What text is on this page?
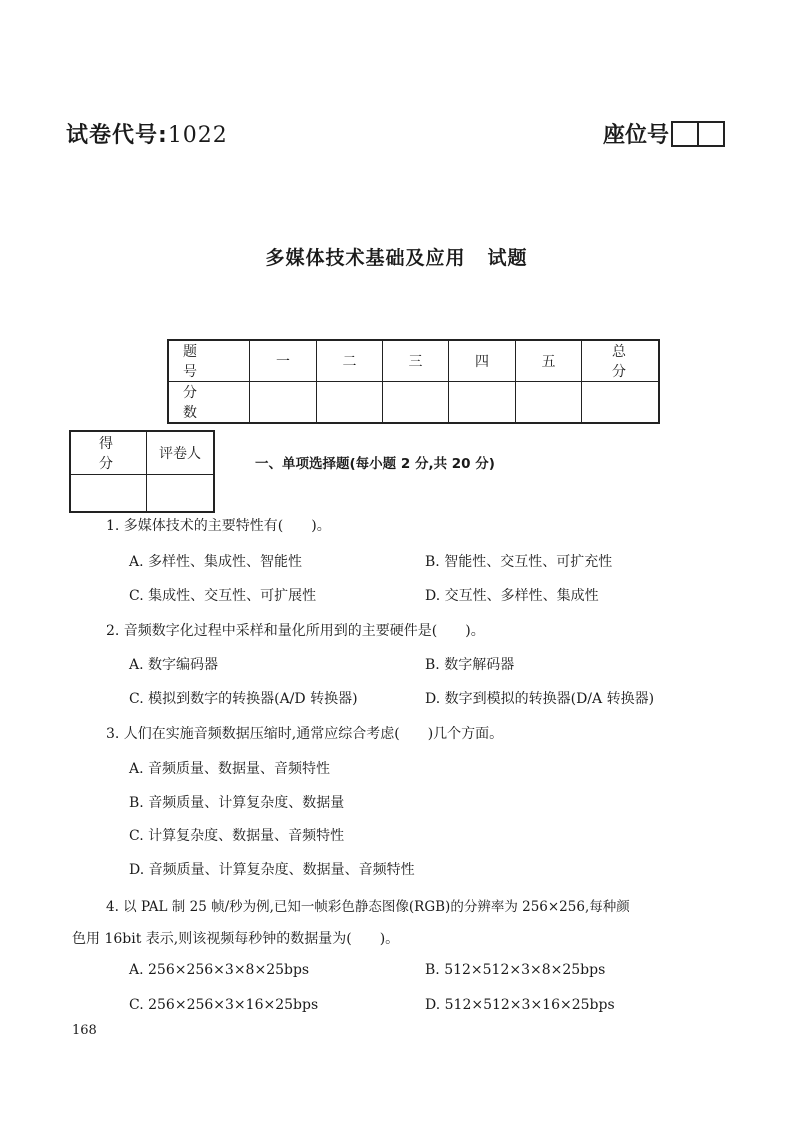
试卷代号:1022	座位号
多媒体技术基础及应用 试题
题 号	一	二	三	四	五	总 分
分 数						
得 分	评卷人

一、单项选择题(每小题 2 分,共 20 分)
1. 多媒体技术的主要特性有(　　)。
A. 多样性、集成性、智能性	B. 智能性、交互性、可扩充性
C. 集成性、交互性、可扩展性	D. 交互性、多样性、集成性
2. 音频数字化过程中采样和量化所用到的主要硬件是(　　)。
A. 数字编码器	B. 数字解码器
C. 模拟到数字的转换器(A/D 转换器)	D. 数字到模拟的转换器(D/A 转换器)
3. 人们在实施音频数据压缩时,通常应综合考虑(　　)几个方面。
A. 音频质量、数据量、音频特性
B. 音频质量、计算复杂度、数据量
C. 计算复杂度、数据量、音频特性
D. 音频质量、计算复杂度、数据量、音频特性
4. 以 PAL 制 25 帧/秒为例,已知一帧彩色静态图像(RGB)的分辨率为 256×256,每种颜
色用 16bit 表示,则该视频每秒钟的数据量为(　　)。
A. 256×256×3×8×25bps	B. 512×512×3×8×25bps
C. 256×256×3×16×25bps	D. 512×512×3×16×25bps
168
